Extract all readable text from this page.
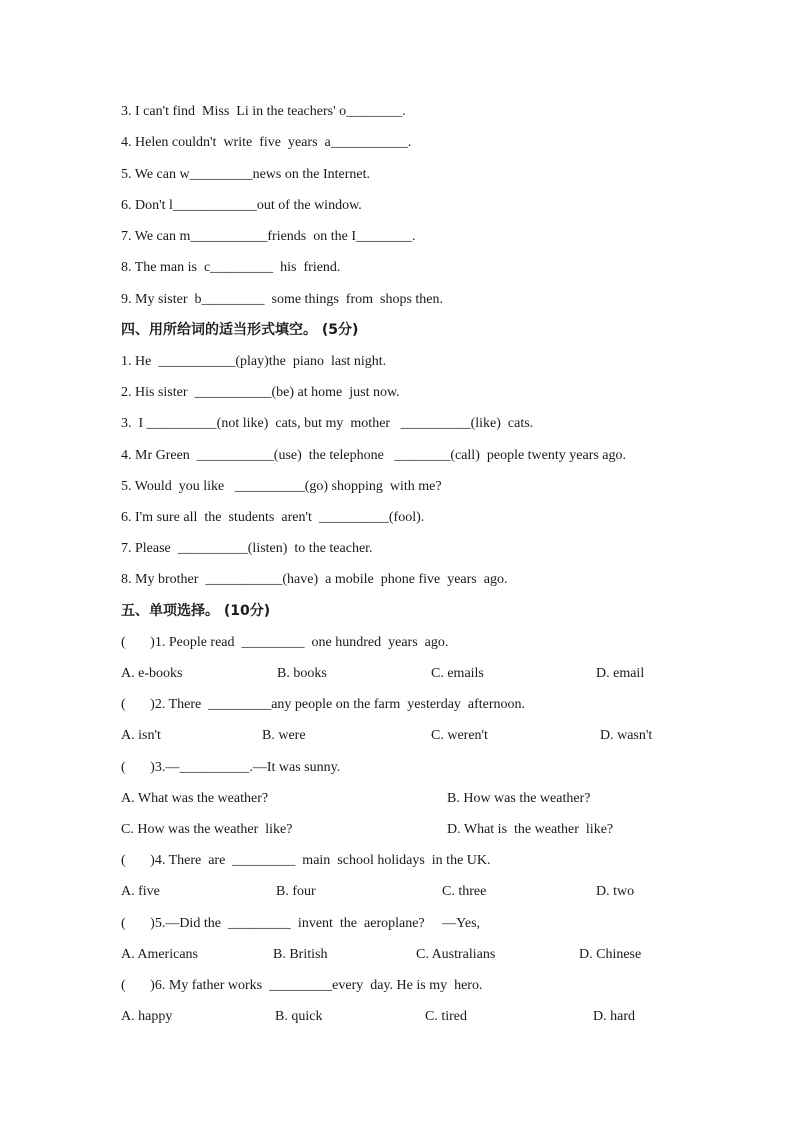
3. I can't find  Miss  Li in the teachers' o________.
4. Helen couldn't  write  five  years  a___________.
5. We can w_________news on the Internet.
6. Don't l____________out of the window.
7. We can m___________friends  on the I________.
8. The man is  c_________  his  friend.
9. My sister  b_________  some things  from  shops then.
四、用所给词的适当形式填空。 (5分)
1. He  ___________(play)the  piano  last night.
2. His sister  ___________(be) at home  just now.
3.  I __________(not like)  cats, but my  mother   __________(like)  cats.
4. Mr Green  ___________(use)  the telephone   ________(call)  people twenty years ago.
5. Would  you like   __________(go) shopping  with me?
6. I'm sure all  the  students  aren't  __________(fool).
7. Please  __________(listen)  to the teacher.
8. My brother  ___________(have)  a mobile  phone five  years  ago.
五、单项选择。 (10分)
(       )1. People read  _________  one hundred  years  ago.
A. e-books	B. books	C. emails	D. email
(       )2. There  _________any people on the farm  yesterday  afternoon.
A. isn't	B. were	C. weren't	D. wasn't
(       )3.—__________.—It was sunny.
A. What was the weather?	B. How was the weather?
C. How was the weather  like?	D. What is  the weather  like?
(       )4. There  are  _________  main  school holidays  in the UK.
A. five	B. four	C. three	D. two
(       )5.—Did the  _________  invent  the  aeroplane?     —Yes,
A. Americans	B. British	C. Australians	D. Chinese
(       )6. My father works  _________every  day. He is my  hero.
A. happy	B. quick	C. tired	D. hard
